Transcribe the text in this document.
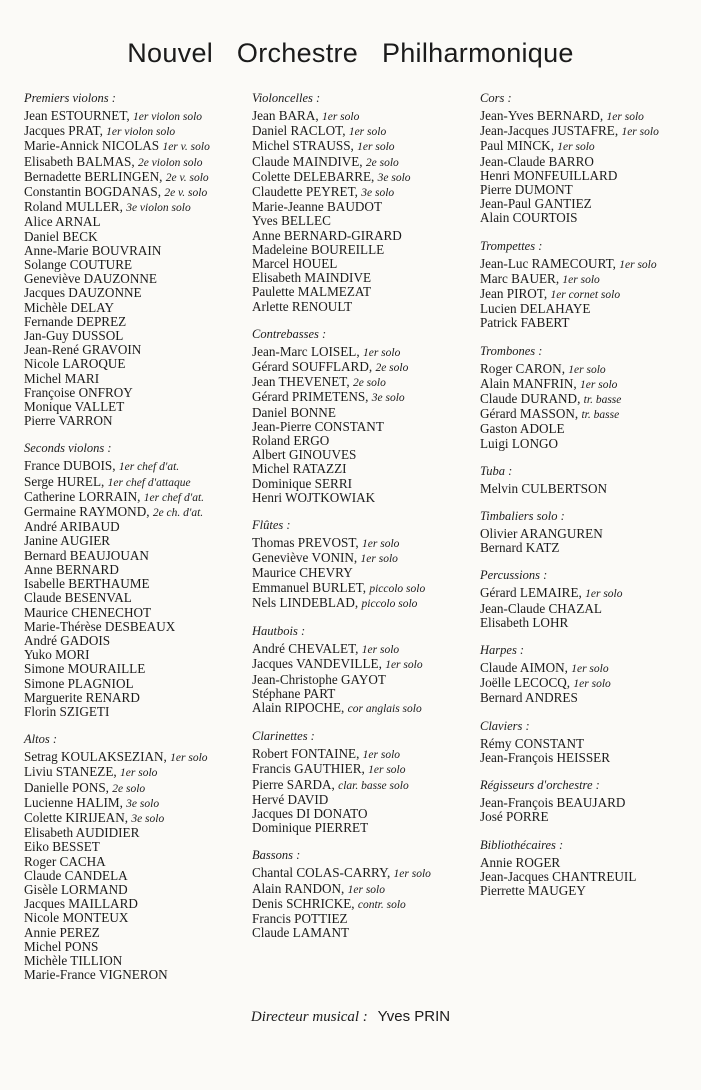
Nouvel Orchestre Philharmonique
Premiers violons :
Jean ESTOURNET, 1er violon solo
Jacques PRAT, 1er violon solo
Marie-Annick NICOLAS 1er v. solo
Elisabeth BALMAS, 2e violon solo
Bernadette BERLINGEN, 2e v. solo
Constantin BOGDANAS, 2e v. solo
Roland MULLER, 3e violon solo
Alice ARNAL
Daniel BECK
Anne-Marie BOUVRAIN
Solange COUTURE
Geneviève DAUZONNE
Jacques DAUZONNE
Michèle DELAY
Fernande DEPREZ
Jan-Guy DUSSOL
Jean-René GRAVOIN
Nicole LAROQUE
Michel MARI
Françoise ONFROY
Monique VALLET
Pierre VARRON
Seconds violons :
France DUBOIS, 1er chef d'at.
Serge HUREL, 1er chef d'attaque
Catherine LORRAIN, 1er chef d'at.
Germaine RAYMOND, 2e ch. d'at.
André ARIBAUD
Janine AUGIER
Bernard BEAUJOUAN
Anne BERNARD
Isabelle BERTHAUME
Claude BESENVAL
Maurice CHENECHOT
Marie-Thérèse DESBEAUX
André GADOIS
Yuko MORI
Simone MOURAILLE
Simone PLAGNIOL
Marguerite RENARD
Florin SZIGETI
Altos :
Setrag KOULAKSEZIAN, 1er solo
Liviu STANEZE, 1er solo
Danielle PONS, 2e solo
Lucienne HALIM, 3e solo
Colette KIRIJEAN, 3e solo
Elisabeth AUDIDIER
Eiko BESSET
Roger CACHA
Claude CANDELA
Gisèle LORMAND
Jacques MAILLARD
Nicole MONTEUX
Annie PEREZ
Michel PONS
Michèle TILLION
Marie-France VIGNERON
Violoncelles :
Jean BARA, 1er solo
Daniel RACLOT, 1er solo
Michel STRAUSS, 1er solo
Claude MAINDIVE, 2e solo
Colette DELEBARRE, 3e solo
Claudette PEYRET, 3e solo
Marie-Jeanne BAUDOT
Yves BELLEC
Anne BERNARD-GIRARD
Madeleine BOUREILLE
Marcel HOUEL
Elisabeth MAINDIVE
Paulette MALMEZAT
Arlette RENOULT
Contrebasses :
Jean-Marc LOISEL, 1er solo
Gérard SOUFFLARD, 2e solo
Jean THEVENET, 2e solo
Gérard PRIMETENS, 3e solo
Daniel BONNE
Jean-Pierre CONSTANT
Roland ERGO
Albert GINOUVES
Michel RATAZZI
Dominique SERRI
Henri WOJTKOWIAK
Flûtes :
Thomas PREVOST, 1er solo
Geneviève VONIN, 1er solo
Maurice CHEVRY
Emmanuel BURLET, piccolo solo
Nels LINDEBLAD, piccolo solo
Hautbois :
André CHEVALET, 1er solo
Jacques VANDEVILLE, 1er solo
Jean-Christophe GAYOT
Stéphane PART
Alain RIPOCHE, cor anglais solo
Clarinettes :
Robert FONTAINE, 1er solo
Francis GAUTHIER, 1er solo
Pierre SARDA, clar. basse solo
Hervé DAVID
Jacques DI DONATO
Dominique PIERRET
Bassons :
Chantal COLAS-CARRY, 1er solo
Alain RANDON, 1er solo
Denis SCHRICKE, contr. solo
Francis POTTIEZ
Claude LAMANT
Cors :
Jean-Yves BERNARD, 1er solo
Jean-Jacques JUSTAFRE, 1er solo
Paul MINCK, 1er solo
Jean-Claude BARRO
Henri MONFEUILLARD
Pierre DUMONT
Jean-Paul GANTIEZ
Alain COURTOIS
Trompettes :
Jean-Luc RAMECOURT, 1er solo
Marc BAUER, 1er solo
Jean PIROT, 1er cornet solo
Lucien DELAHAYE
Patrick FABERT
Trombones :
Roger CARON, 1er solo
Alain MANFRIN, 1er solo
Claude DURAND, tr. basse
Gérard MASSON, tr. basse
Gaston ADOLE
Luigi LONGO
Tuba :
Melvin CULBERTSON
Timbaliers solo :
Olivier ARANGUREN
Bernard KATZ
Percussions :
Gérard LEMAIRE, 1er solo
Jean-Claude CHAZAL
Elisabeth LOHR
Harpes :
Claude AIMON, 1er solo
Joëlle LECOCQ, 1er solo
Bernard ANDRES
Claviers :
Rémy CONSTANT
Jean-François HEISSER
Régisseurs d'orchestre :
Jean-François BEAUJARD
José PORRE
Bibliothécaires :
Annie ROGER
Jean-Jacques CHANTREUIL
Pierrette MAUGEY
Directeur musical : Yves PRIN
